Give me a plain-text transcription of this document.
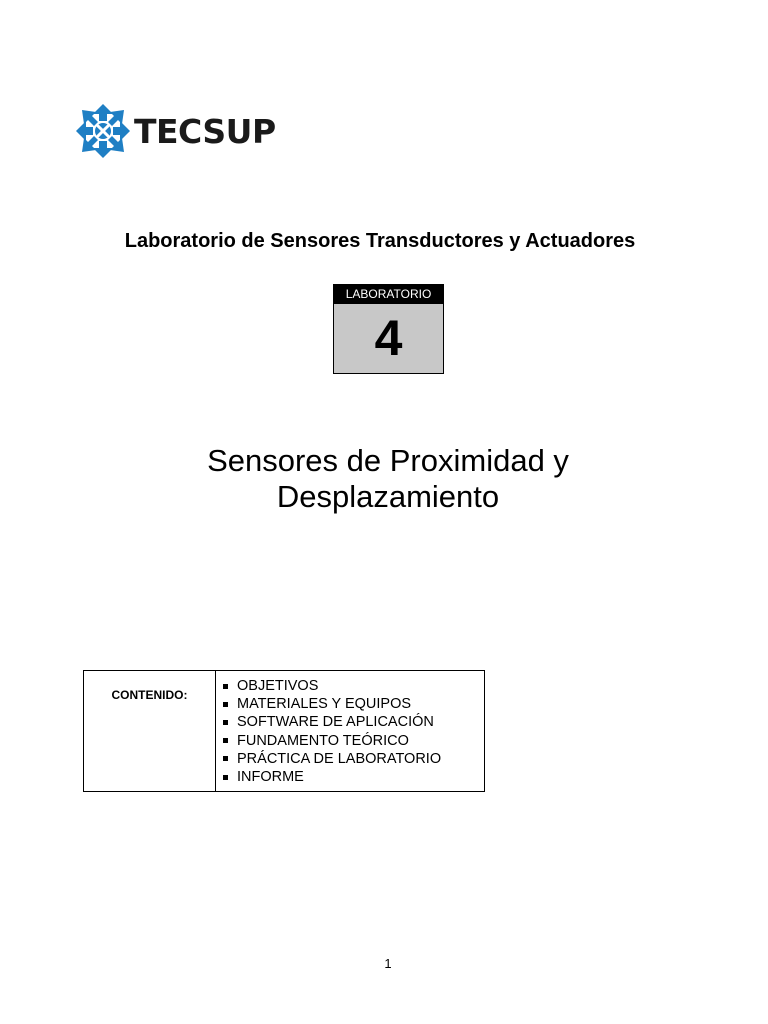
TECSUP
Laboratorio de Sensores Transductores y Actuadores
LABORATORIO
4
Sensores de Proximidad y
Desplazamiento
CONTENIDO:
OBJETIVOS
MATERIALES Y EQUIPOS
SOFTWARE DE APLICACIÓN
FUNDAMENTO TEÓRICO
PRÁCTICA DE LABORATORIO
INFORME
1
